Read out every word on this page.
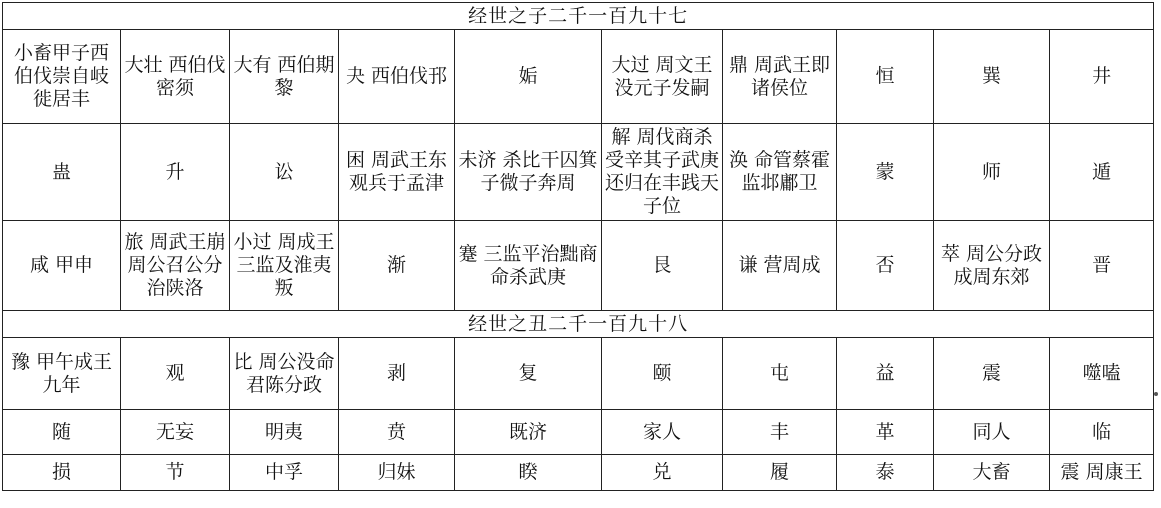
经世之子二千一百九十七									
小畜甲子西伯伐崇自岐徙居丰	大壮 西伯伐密须	大有 西伯期黎	夬 西伯伐邘	姤	大过 周文王没元子发嗣	鼎 周武王即诸侯位	恒	巽	井
蛊	升	讼	困 周武王东观兵于孟津	未济 杀比干囚箕子微子奔周	解 周伐商杀受辛其子武庚还归在丰践天子位	涣 命管蔡霍监邶鄘卫	蒙	师	遁
咸 甲申	旅 周武王崩周公召公分治陕洛	小过 周成王三监及淮夷叛	渐	蹇 三监平治黜商命杀武庚	艮	谦 营周成	否	萃 周公分政成周东郊	晋
经世之丑二千一百九十八									
豫 甲午成王九年	观	比 周公没命君陈分政	剥	复	颐	屯	益	震	噬嗑
随	无妄	明夷	贲	既济	家人	丰	革	同人	临
损	节	中孚	归妹	睽	兑	履	泰	大畜	震 周康王
